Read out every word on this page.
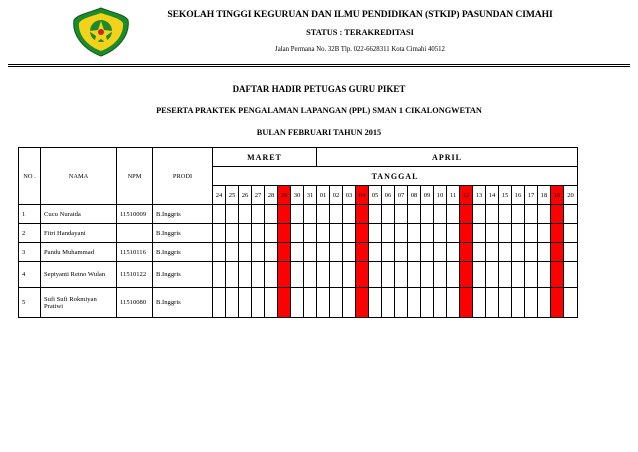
SEKOLAH TINGGI KEGURUAN DAN ILMU PENDIDIKAN (STKIP) PASUNDAN CIMAHI
STATUS : TERAKREDITASI
Jalan Permana No. 32B Tlp. 022-6628311 Kota Cimahi 40512
DAFTAR HADIR PETUGAS GURU PIKET
PESERTA PRAKTEK PENGALAMAN LAPANGAN (PPL) SMAN 1 CIKALONGWETAN
BULAN FEBRUARI TAHUN 2015
NO .	NAMA	NPM	PRODI	MARET								APRIL																			
				TANGGAL																											
				24	25	26	27	28	29	30	31	01	02	03	04	05	06	07	08	09	10	11	12	13	14	15	16	17	18	19	20
1	Cucu Nuraida	11510009	B.Inggris																												
2	Fitri Handayani		B.Inggris																												
3	Pandu Muhammad	11510116	B.Inggris																												
4	Septyanti Retno Wulan	11510122	B.Inggris																												
5	Sufi Sufi Rokmiyan Pratiwi	11510080	B.Inggris																												
